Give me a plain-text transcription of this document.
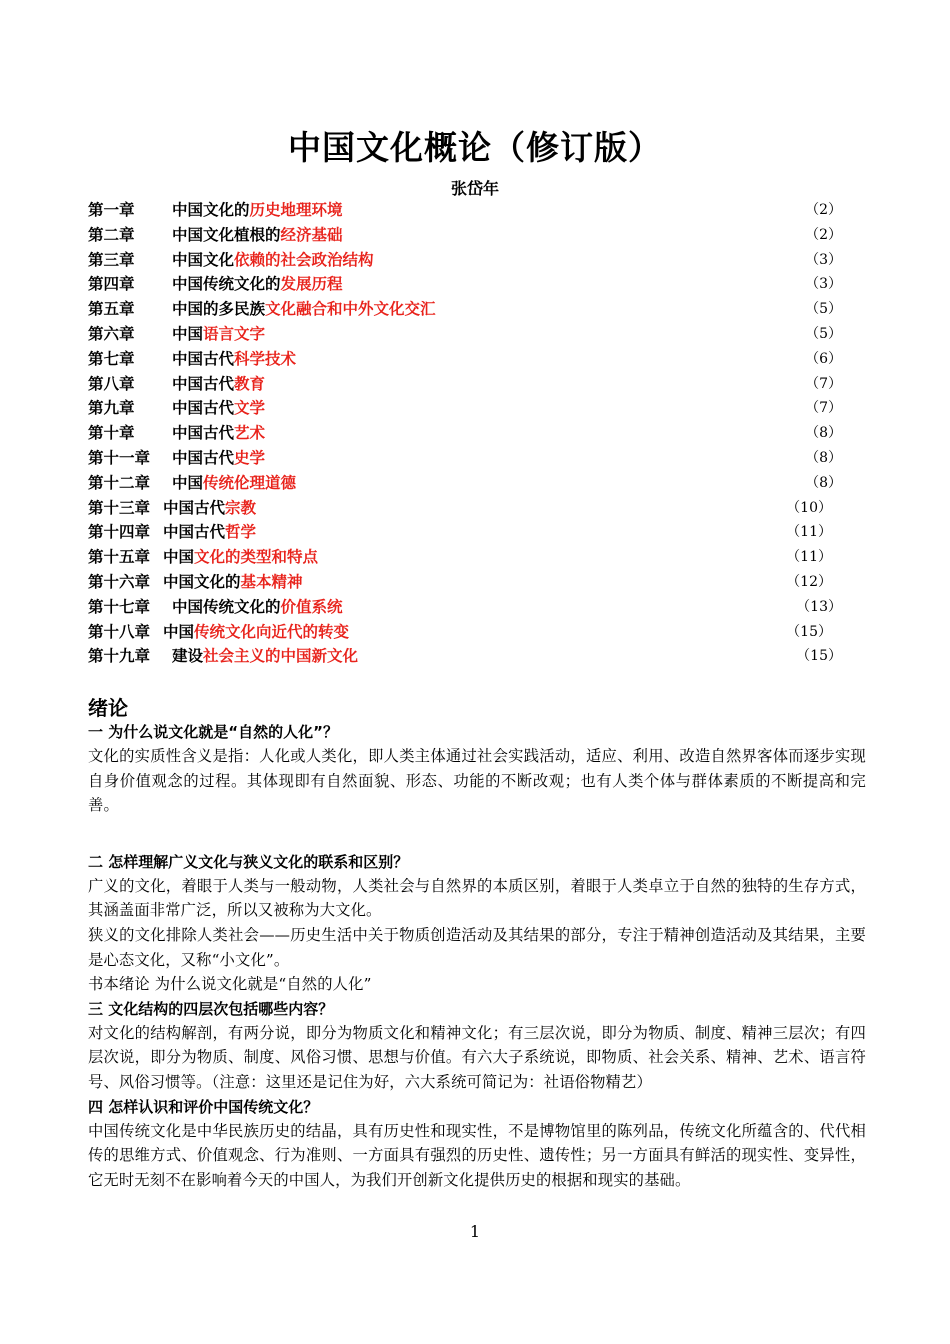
中国文化概论（修订版）
张岱年
第一章 中国文化的历史地理环境	（2）
第二章 中国文化植根的经济基础	（2）
第三章 中国文化依赖的社会政治结构	（3）
第四章 中国传统文化的发展历程	（3）
第五章 中国的多民族文化融合和中外文化交汇	（5）
第六章 中国语言文字	（5）
第七章 中国古代科学技术	（6）
第八章 中国古代教育	（7）
第九章 中国古代文学	（7）
第十章 中国古代艺术	（8）
第十一章 中国古代史学	（8）
第十二章 中国传统伦理道德	（8）
第十三章 中国古代宗教	（10）
第十四章 中国古代哲学	（11）
第十五章 中国文化的类型和特点	（11）
第十六章 中国文化的基本精神	（12）
第十七章 中国传统文化的价值系统	（13）
第十八章 中国传统文化向近代的转变	（15）
第十九章 建设社会主义的中国新文化	（15）
绪论

一 为什么说文化就是“自然的人化”？

文化的实质性含义是指：人化或人类化，即人类主体通过社会实践活动，适应、利用、改造自然界客体而逐步实现自身价值观念的过程。其体现即有自然面貌、形态、功能的不断改观；也有人类个体与群体素质的不断提高和完善。

二 怎样理解广义文化与狭义文化的联系和区别？

广义的文化，着眼于人类与一般动物，人类社会与自然界的本质区别，着眼于人类卓立于自然的独特的生存方式，其涵盖面非常广泛，所以又被称为大文化。

狭义的文化排除人类社会——历史生活中关于物质创造活动及其结果的部分，专注于精神创造活动及其结果，主要是心态文化，又称“小文化”。

书本绪论 为什么说文化就是“自然的人化”

三 文化结构的四层次包括哪些内容？

对文化的结构解剖，有两分说，即分为物质文化和精神文化；有三层次说，即分为物质、制度、精神三层次；有四层次说，即分为物质、制度、风俗习惯、思想与价值。有六大子系统说，即物质、社会关系、精神、艺术、语言符号、风俗习惯等。（注意：这里还是记住为好，六大系统可简记为：社语俗物精艺）

四 怎样认识和评价中国传统文化？

中国传统文化是中华民族历史的结晶，具有历史性和现实性，不是博物馆里的陈列品，传统文化所蕴含的、代代相传的思维方式、价值观念、行为准则、一方面具有强烈的历史性、遗传性；另一方面具有鲜活的现实性、变异性，它无时无刻不在影响着今天的中国人，为我们开创新文化提供历史的根据和现实的基础。

1
